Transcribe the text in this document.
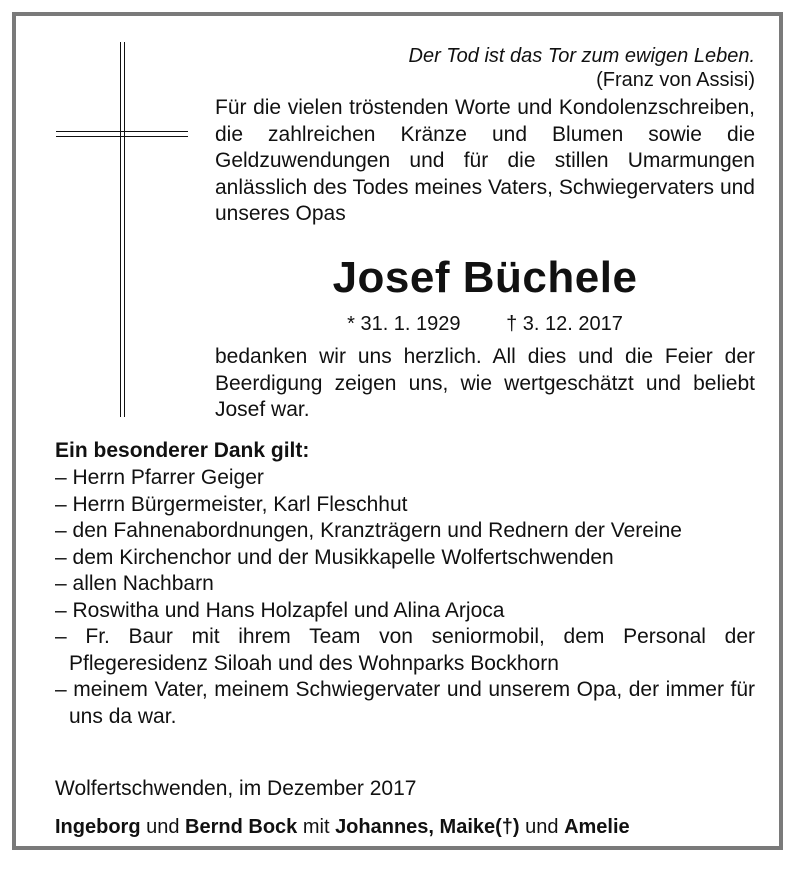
Der Tod ist das Tor zum ewigen Leben.
(Franz von Assisi)
Für die vielen tröstenden Worte und Kondolenzschreiben, die zahlreichen Kränze und Blumen sowie die Geldzuwendungen und für die stillen Umarmungen anlässlich des Todes meines Vaters, Schwiegervaters und unseres Opas
Josef Büchele
* 31. 1. 1929 † 3. 12. 2017
bedanken wir uns herzlich. All dies und die Feier der Beerdigung zeigen uns, wie wertgeschätzt und beliebt Josef war.
Ein besonderer Dank gilt:
– Herrn Pfarrer Geiger
– Herrn Bürgermeister, Karl Fleschhut
– den Fahnenabordnungen, Kranzträgern und Rednern der Vereine
– dem Kirchenchor und der Musikkapelle Wolfertschwenden
– allen Nachbarn
– Roswitha und Hans Holzapfel und Alina Arjoca
– Fr. Baur mit ihrem Team von seniormobil, dem Personal der Pflegeresidenz Siloah und des Wohnparks Bockhorn
– meinem Vater, meinem Schwiegervater und unserem Opa, der immer für uns da war.
Wolfertschwenden, im Dezember 2017
Ingeborg und Bernd Bock mit Johannes, Maike(†) und Amelie
